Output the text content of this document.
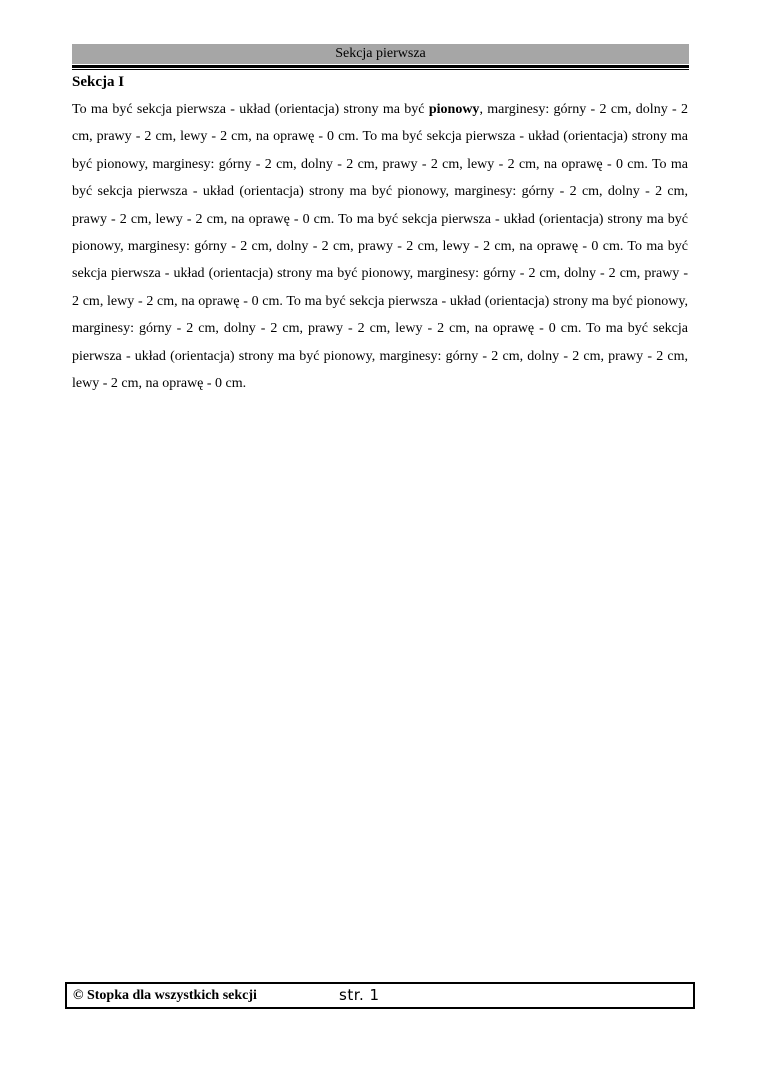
Sekcja pierwsza

Sekcja I

To ma być sekcja pierwsza - układ (orientacja) strony ma być pionowy, marginesy: górny - 2 cm, dolny - 2 cm, prawy - 2 cm, lewy - 2 cm, na oprawę - 0 cm. To ma być sekcja pierwsza - układ (orientacja) strony ma być pionowy, marginesy: górny - 2 cm, dolny - 2 cm, prawy - 2 cm, lewy - 2 cm, na oprawę - 0 cm. To ma być sekcja pierwsza - układ (orientacja) strony ma być pionowy, marginesy: górny - 2 cm, dolny - 2 cm, prawy - 2 cm, lewy - 2 cm, na oprawę - 0 cm. To ma być sekcja pierwsza - układ (orientacja) strony ma być pionowy, marginesy: górny - 2 cm, dolny - 2 cm, prawy - 2 cm, lewy - 2 cm, na oprawę - 0 cm. To ma być sekcja pierwsza - układ (orientacja) strony ma być pionowy, marginesy: górny - 2 cm, dolny - 2 cm, prawy - 2 cm, lewy - 2 cm, na oprawę - 0 cm. To ma być sekcja pierwsza - układ (orientacja) strony ma być pionowy, marginesy: górny - 2 cm, dolny - 2 cm, prawy - 2 cm, lewy - 2 cm, na oprawę - 0 cm. To ma być sekcja pierwsza - układ (orientacja) strony ma być pionowy, marginesy: górny - 2 cm, dolny - 2 cm, prawy - 2 cm, lewy - 2 cm, na oprawę - 0 cm.

© Stopka dla wszystkich sekcji	str. 1
